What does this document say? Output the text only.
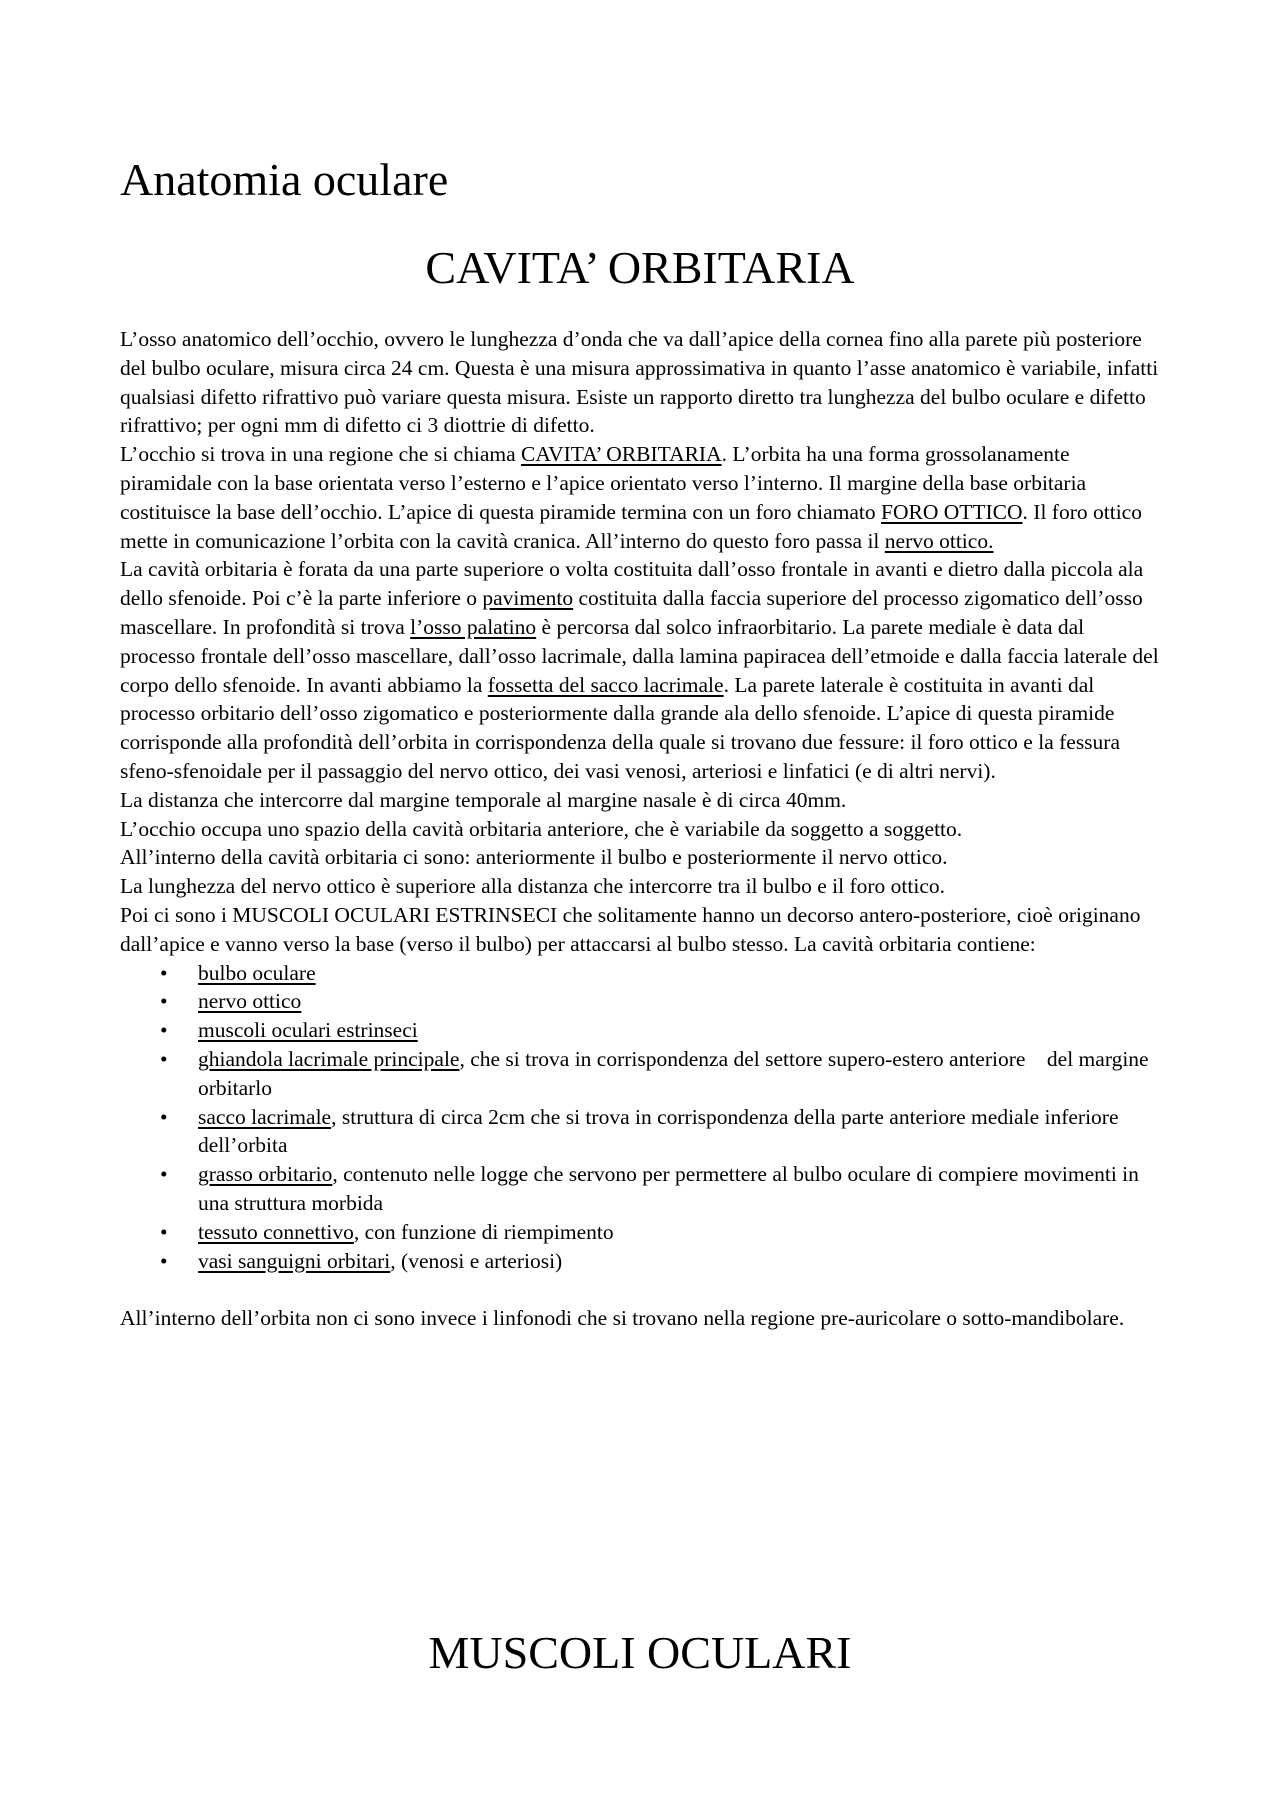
Anatomia oculare
CAVITA’ ORBITARIA

L’osso anatomico dell’occhio, ovvero le lunghezza d’onda che va dall’apice della cornea fino alla parete più posteriore del bulbo oculare, misura circa 24 cm. Questa è una misura approssimativa in quanto l’asse anatomico è variabile, infatti qualsiasi difetto rifrattivo può variare questa misura. Esiste un rapporto diretto tra lunghezza del bulbo oculare e difetto rifrattivo; per ogni mm di difetto ci 3 diottrie di difetto.

L’occhio si trova in una regione che si chiama CAVITA’ ORBITARIA. L’orbita ha una forma grossolanamente piramidale con la base orientata verso l’esterno e l’apice orientato verso l’interno. Il margine della base orbitaria costituisce la base dell’occhio. L’apice di questa piramide termina con un foro chiamato FORO OTTICO. Il foro ottico mette in comunicazione l’orbita con la cavità cranica. All’interno do questo foro passa il nervo ottico.

La cavità orbitaria è forata da una parte superiore o volta costituita dall’osso frontale in avanti e dietro dalla piccola ala dello sfenoide. Poi c’è la parte inferiore o pavimento costituita dalla faccia superiore del processo zigomatico dell’osso mascellare. In profondità si trova l’osso palatino è percorsa dal solco infraorbitario. La parete mediale è data dal processo frontale dell’osso mascellare, dall’osso lacrimale, dalla lamina papiracea dell’etmoide e dalla faccia laterale del corpo dello sfenoide. In avanti abbiamo la fossetta del sacco lacrimale. La parete laterale è costituita in avanti dal processo orbitario dell’osso zigomatico e posteriormente dalla grande ala dello sfenoide. L’apice di questa piramide corrisponde alla profondità dell’orbita in corrispondenza della quale si trovano due fessure: il foro ottico e la fessura sfeno-sfenoidale per il passaggio del nervo ottico, dei vasi venosi, arteriosi e linfatici (e di altri nervi).

La distanza che intercorre dal margine temporale al margine nasale è di circa 40mm.

L’occhio occupa uno spazio della cavità orbitaria anteriore, che è variabile da soggetto a soggetto.

All’interno della cavità orbitaria ci sono: anteriormente il bulbo e posteriormente il nervo ottico.

La lunghezza del nervo ottico è superiore alla distanza che intercorre tra il bulbo e il foro ottico.

Poi ci sono i MUSCOLI OCULARI ESTRINSECI che solitamente hanno un decorso antero-posteriore, cioè originano dall’apice e vanno verso la base (verso il bulbo) per attaccarsi al bulbo stesso. La cavità orbitaria contiene:

• bulbo oculare
• nervo ottico
• muscoli oculari estrinseci
• ghiandola lacrimale principale, che si trova in corrispondenza del settore supero-estero anteriore    del margine orbitarlo
• sacco lacrimale, struttura di circa 2cm che si trova in corrispondenza della parte anteriore mediale inferiore dell’orbita
• grasso orbitario, contenuto nelle logge che servono per permettere al bulbo oculare di compiere movimenti in una struttura morbida
• tessuto connettivo, con funzione di riempimento
• vasi sanguigni orbitari, (venosi e arteriosi)

All’interno dell’orbita non ci sono invece i linfonodi che si trovano nella regione pre-auricolare o sotto-mandibolare.

MUSCOLI OCULARI
